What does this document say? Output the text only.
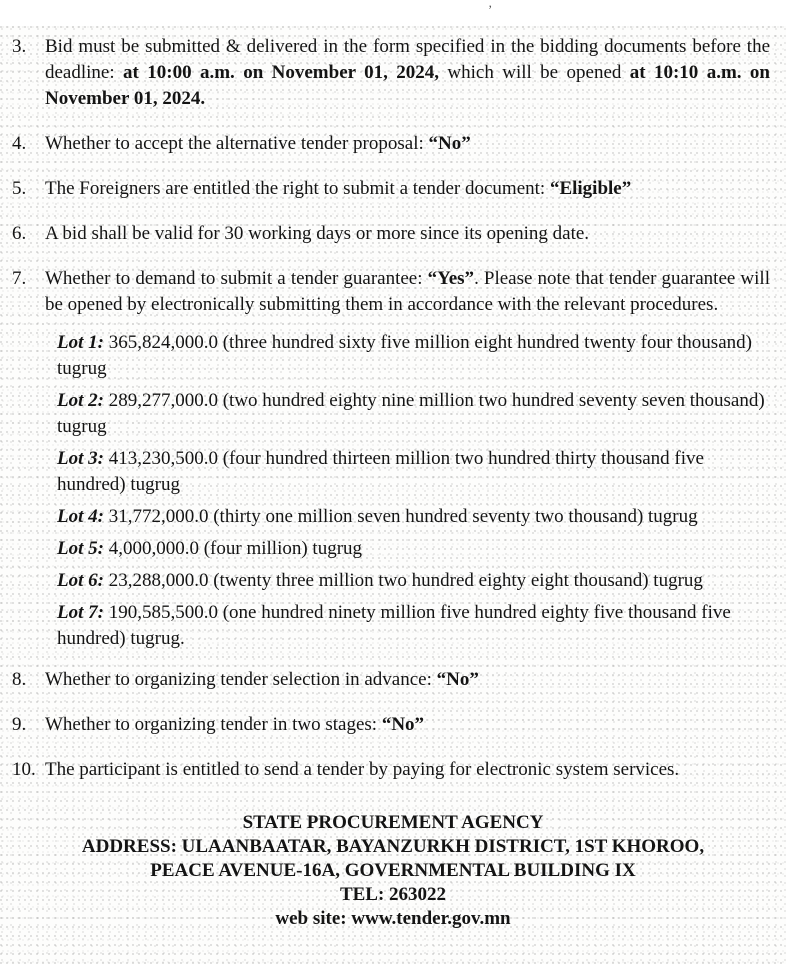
’
3. Bid must be submitted & delivered in the form specified in the bidding documents before the deadline: at 10:00 a.m. on November 01, 2024, which will be opened at 10:10 a.m. on November 01, 2024.

4. Whether to accept the alternative tender proposal: “No”

5. The Foreigners are entitled the right to submit a tender document: “Eligible”

6. A bid shall be valid for 30 working days or more since its opening date.

7. Whether to demand to submit a tender guarantee: “Yes”. Please note that tender guarantee will be opened by electronically submitting them in accordance with the relevant procedures.

Lot 1: 365,824,000.0 (three hundred sixty five million eight hundred twenty four thousand) tugrug

Lot 2: 289,277,000.0 (two hundred eighty nine million two hundred seventy seven thousand) tugrug

Lot 3: 413,230,500.0 (four hundred thirteen million two hundred thirty thousand five hundred) tugrug

Lot 4: 31,772,000.0 (thirty one million seven hundred seventy two thousand) tugrug

Lot 5: 4,000,000.0 (four million) tugrug

Lot 6: 23,288,000.0 (twenty three million two hundred eighty eight thousand) tugrug

Lot 7: 190,585,500.0 (one hundred ninety million five hundred eighty five thousand five hundred) tugrug.

8. Whether to organizing tender selection in advance: “No”

9. Whether to organizing tender in two stages: “No”

10. The participant is entitled to send a tender by paying for electronic system services.

STATE PROCUREMENT AGENCY
ADDRESS: ULAANBAATAR, BAYANZURKH DISTRICT, 1ST KHOROO,
PEACE AVENUE-16A, GOVERNMENTAL BUILDING IX
TEL: 263022
web site: www.tender.gov.mn
